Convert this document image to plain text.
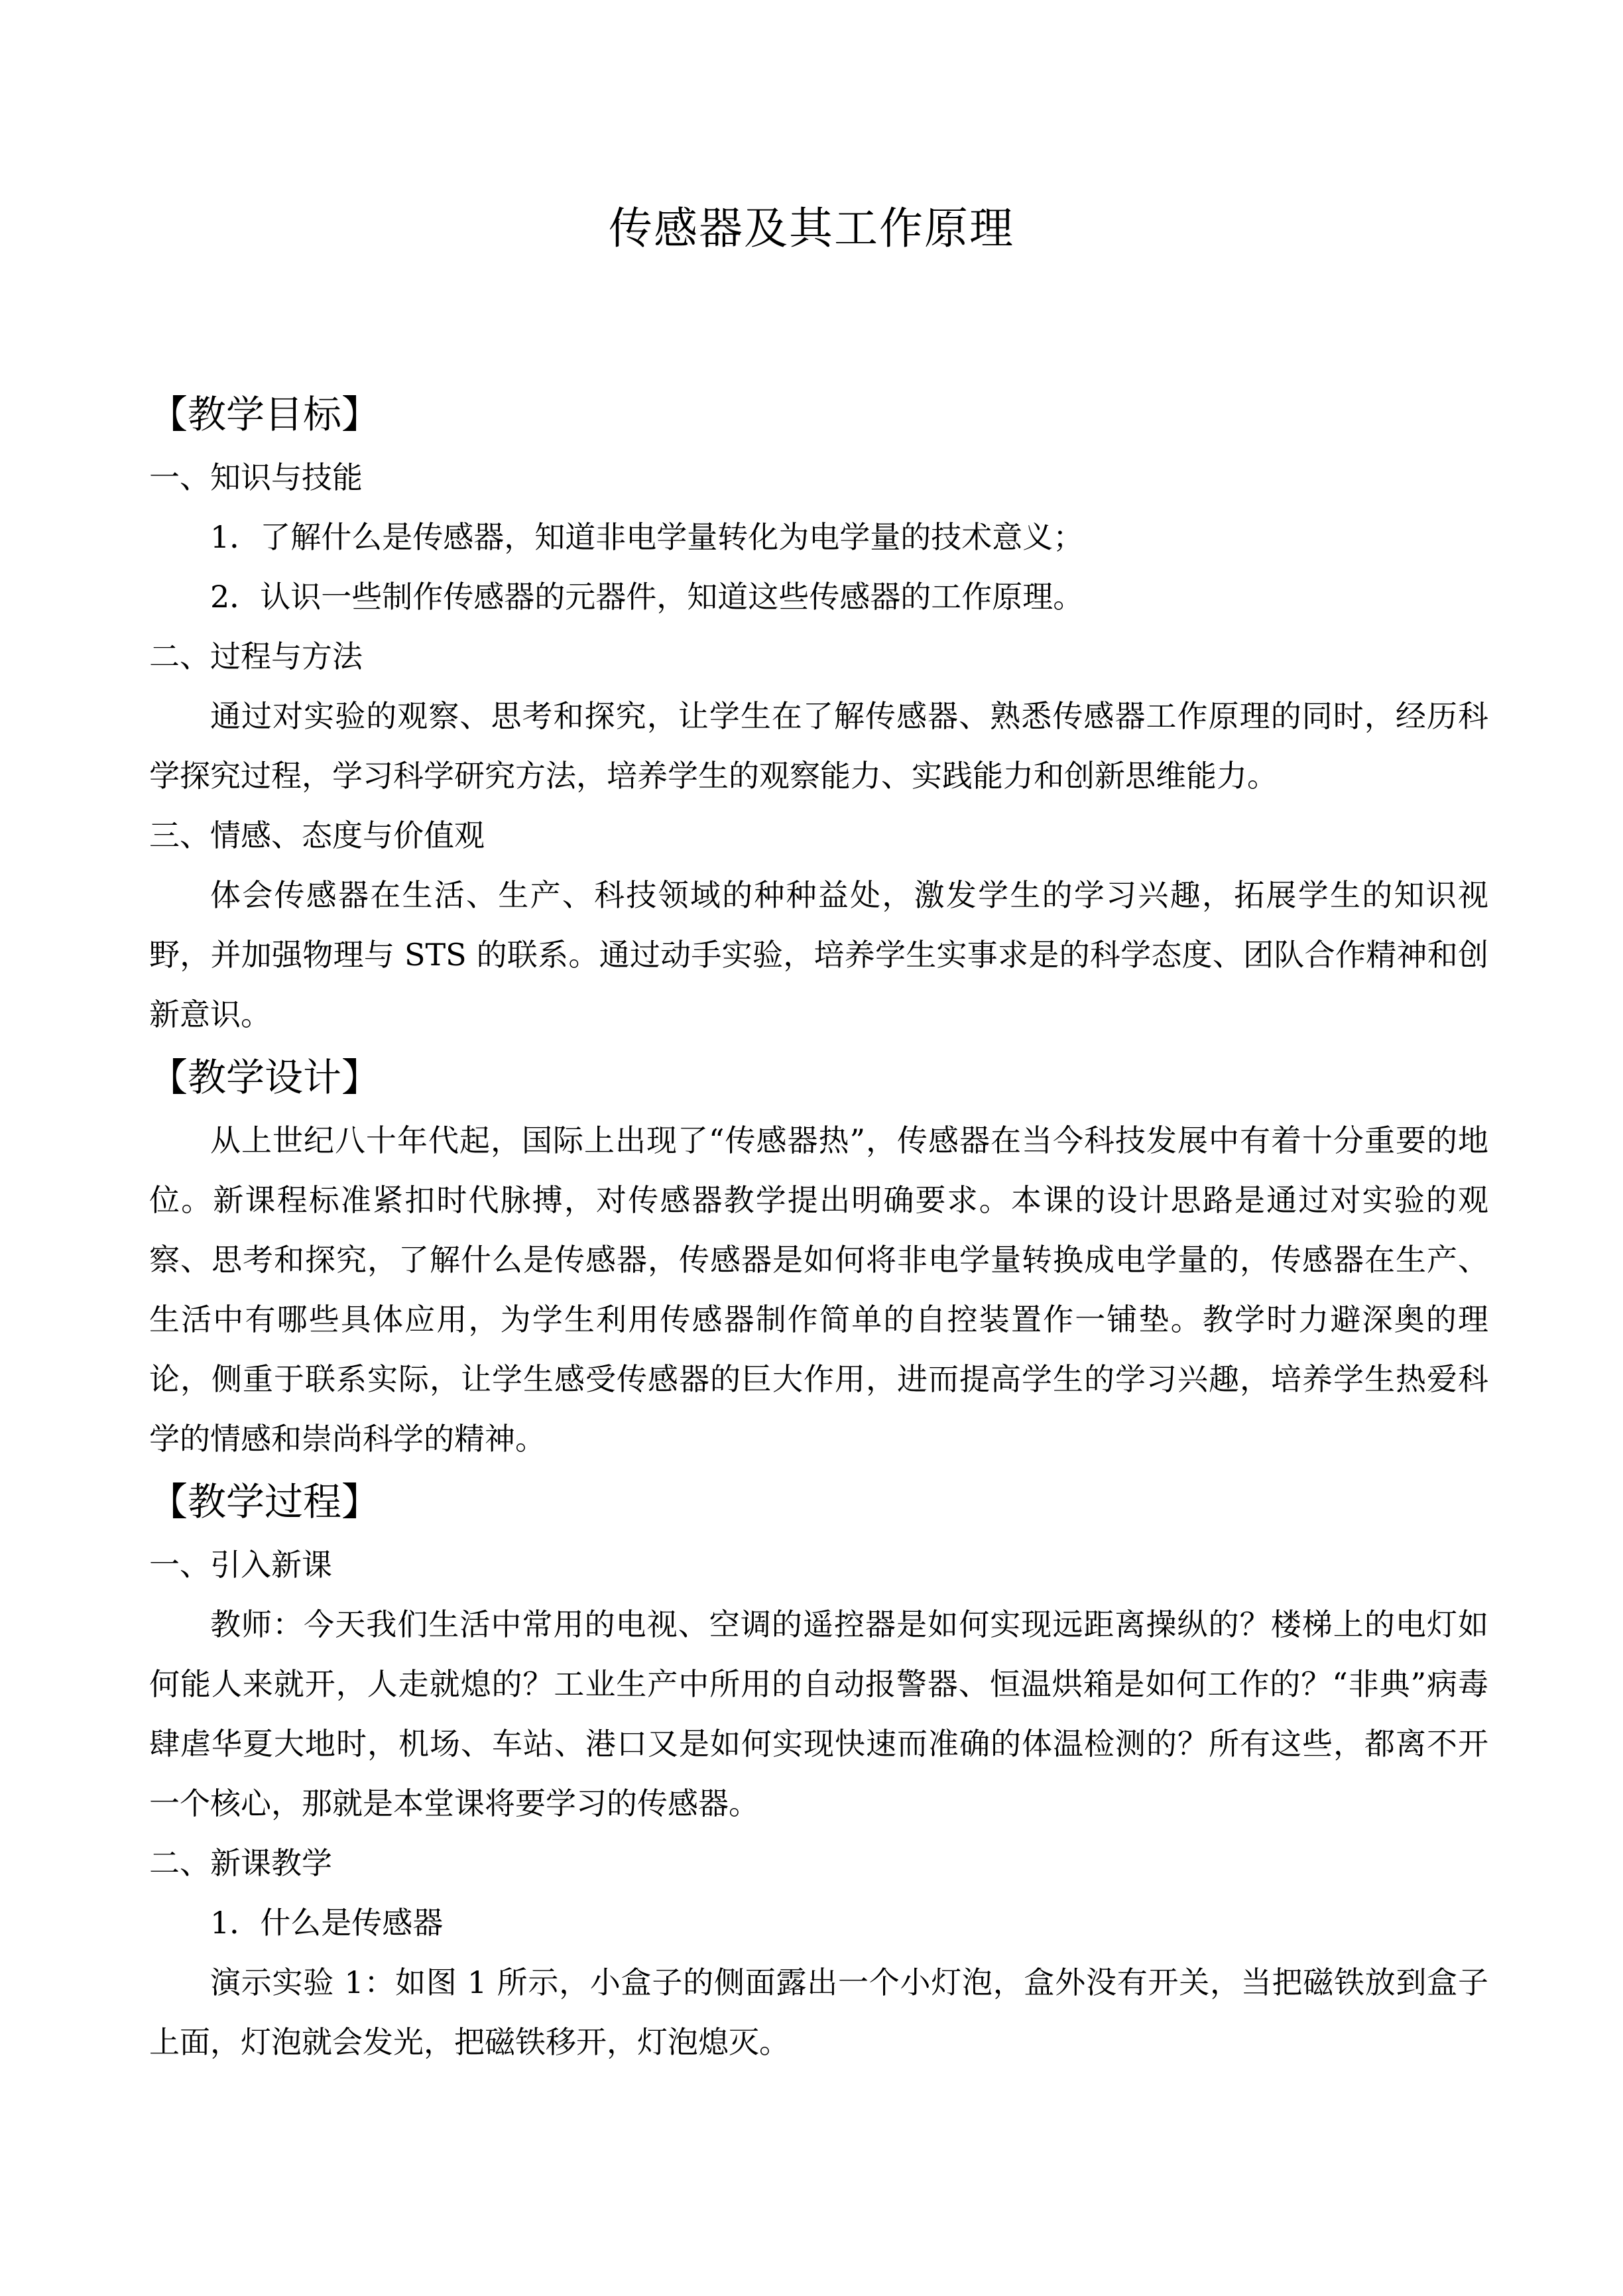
传感器及其工作原理
【教学目标】

一、知识与技能

1．了解什么是传感器，知道非电学量转化为电学量的技术意义；

2．认识一些制作传感器的元器件，知道这些传感器的工作原理。

二、过程与方法

通过对实验的观察、思考和探究，让学生在了解传感器、熟悉传感器工作原理的同时，经历科学探究过程，学习科学研究方法，培养学生的观察能力、实践能力和创新思维能力。

三、情感、态度与价值观

体会传感器在生活、生产、科技领域的种种益处，激发学生的学习兴趣，拓展学生的知识视野，并加强物理与 STS 的联系。通过动手实验，培养学生实事求是的科学态度、团队合作精神和创新意识。

【教学设计】

从上世纪八十年代起，国际上出现了“传感器热”，传感器在当今科技发展中有着十分重要的地位。新课程标准紧扣时代脉搏，对传感器教学提出明确要求。本课的设计思路是通过对实验的观察、思考和探究，了解什么是传感器，传感器是如何将非电学量转换成电学量的，传感器在生产、生活中有哪些具体应用，为学生利用传感器制作简单的自控装置作一铺垫。教学时力避深奥的理论，侧重于联系实际，让学生感受传感器的巨大作用，进而提高学生的学习兴趣，培养学生热爱科学的情感和崇尚科学的精神。

【教学过程】

一、引入新课

教师：今天我们生活中常用的电视、空调的遥控器是如何实现远距离操纵的？楼梯上的电灯如何能人来就开，人走就熄的？工业生产中所用的自动报警器、恒温烘箱是如何工作的？“非典”病毒肆虐华夏大地时，机场、车站、港口又是如何实现快速而准确的体温检测的？所有这些，都离不开一个核心，那就是本堂课将要学习的传感器。

二、新课教学

1．什么是传感器

演示实验 1：如图 1 所示，小盒子的侧面露出一个小灯泡，盒外没有开关，当把磁铁放到盒子上面，灯泡就会发光，把磁铁移开，灯泡熄灭。
